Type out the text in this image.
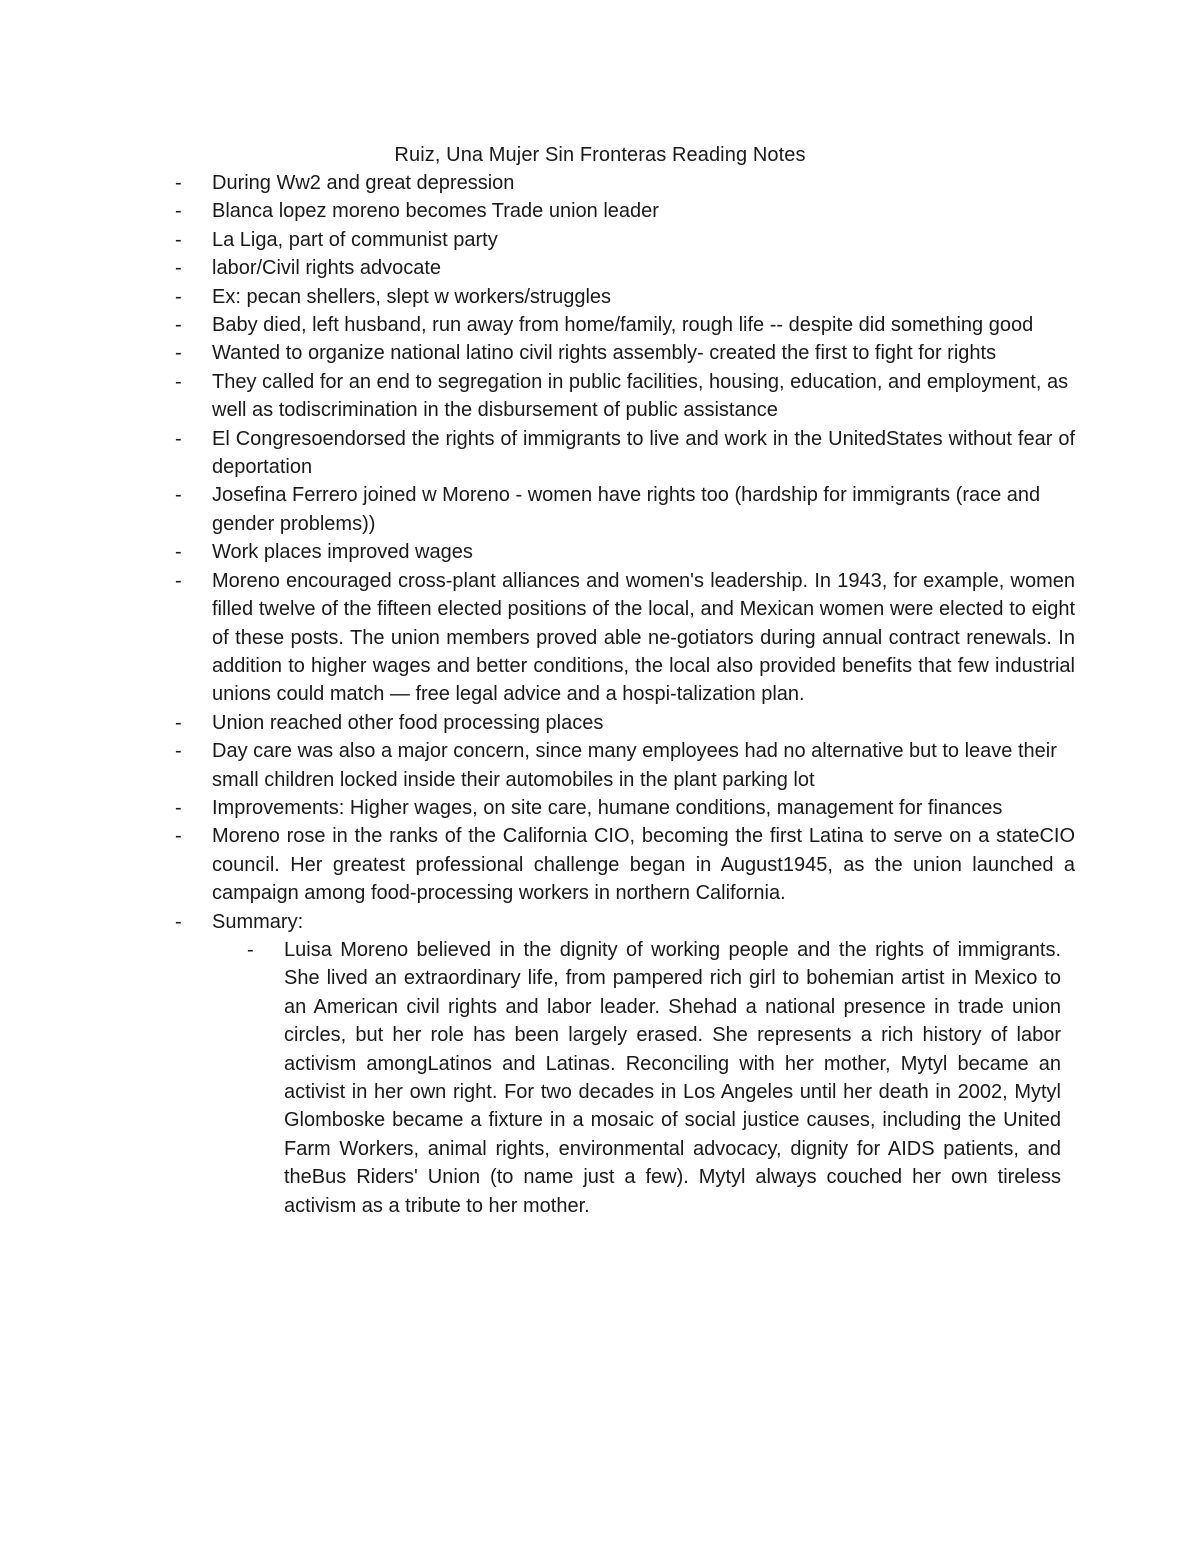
Ruiz, Una Mujer Sin Fronteras Reading Notes
- During Ww2 and great depression
- Blanca lopez moreno becomes Trade union leader
- La Liga, part of communist party
- labor/Civil rights advocate
- Ex: pecan shellers, slept w workers/struggles
- Baby died, left husband, run away from home/family, rough life -- despite did something good
- Wanted to organize national latino civil rights assembly- created the first to fight for rights
- They called for an end to segregation in public facilities, housing, education, and employment, as well as todiscrimination in the disbursement of public assistance
- El Congresoendorsed the rights of immigrants to live and work in the UnitedStates without fear of deportation
- Josefina Ferrero joined w Moreno - women have rights too (hardship for immigrants (race and gender problems))
- Work places improved wages
- Moreno encouraged cross-plant alliances and women's leadership. In 1943, for example, women filled twelve of the fifteen elected positions of the local, and Mexican women were elected to eight of these posts. The union members proved able ne-gotiators during annual contract renewals. In addition to higher wages and better conditions, the local also provided benefits that few industrial unions could match — free legal advice and a hospi-talization plan.
- Union reached other food processing places
- Day care was also a major concern, since many employees had no alternative but to leave their small children locked inside their automobiles in the plant parking lot
- Improvements: Higher wages, on site care, humane conditions, management for finances
- Moreno rose in the ranks of the California CIO, becoming the first Latina to serve on a stateCIO council. Her greatest professional challenge began in August1945, as the union launched a campaign among food-processing workers in northern California.
- Summary:
- Luisa Moreno believed in the dignity of working people and the rights of immigrants. She lived an extraordinary life, from pampered rich girl to bohemian artist in Mexico to an American civil rights and labor leader. Shehad a national presence in trade union circles, but her role has been largely erased. She represents a rich history of labor activism amongLatinos and Latinas. Reconciling with her mother, Mytyl became an activist in her own right. For two decades in Los Angeles until her death in 2002, Mytyl Glomboske became a fixture in a mosaic of social justice causes, including the United Farm Workers, animal rights, environmental advocacy, dignity for AIDS patients, and theBus Riders' Union (to name just a few). Mytyl always couched her own tireless activism as a tribute to her mother.
